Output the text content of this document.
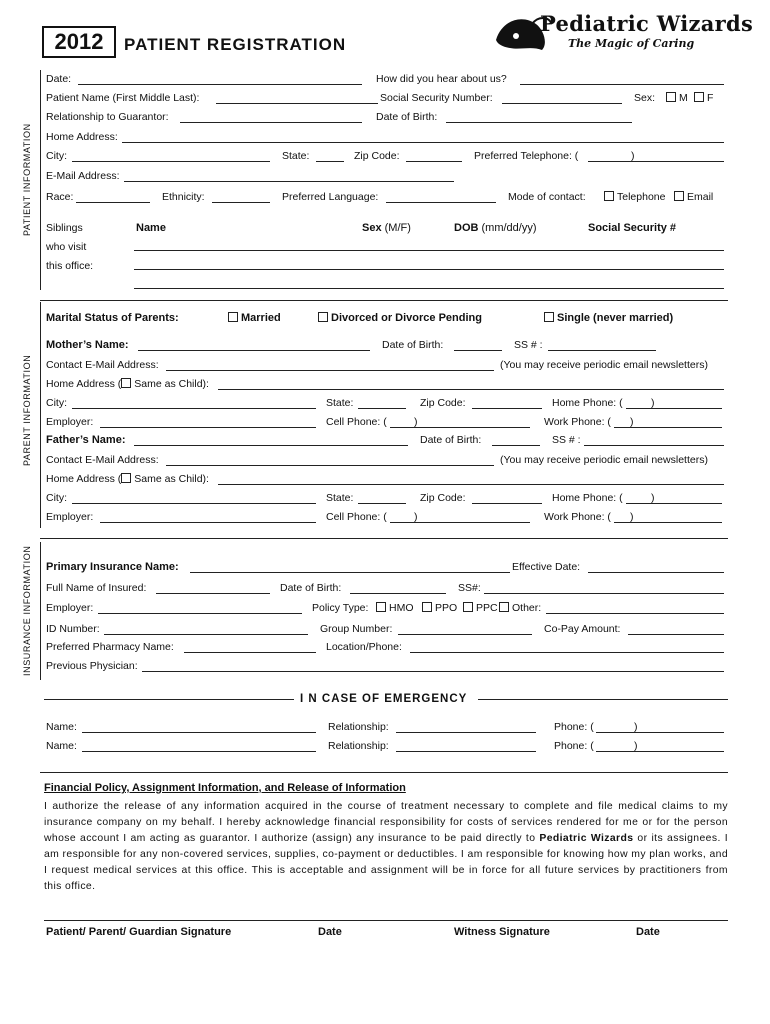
2012	PATIENT REGISTRATION
Pediatric Wizards
The Magic of Caring
PATIENT INFORMATION
PARENT INFORMATION
INSURANCE INFORMATION
Date:	How did you hear about us?
Patient Name (First Middle Last):	Social Security Number:	Sex:	M	F
Relationship to Guarantor:	Date of Birth:
Home Address:
City:	State:	Zip Code:	Preferred Telephone: (	)
E-Mail Address:
Race:	Ethnicity:	Preferred Language:	Mode of contact:	Telephone	Email
Siblings
who visit
this office:
Name	Sex (M/F)	DOB (mm/dd/yy)	Social Security #
Marital Status of Parents:	Married	Divorced or Divorce Pending	Single (never married)
Mother’s Name:	Date of Birth:	SS # :
Contact E-Mail Address:	(You may receive periodic email newsletters)
Home Address ( Same as Child):
City:	State:	Zip Code:	Home Phone: (	)
Employer:	Cell Phone: (	)	Work Phone: ( )
Father’s Name:	Date of Birth:	SS # :
Contact E-Mail Address:	(You may receive periodic email newsletters)
Home Address ( Same as Child):
City:	State:	Zip Code:	Home Phone: (	)
Employer:	Cell Phone: (	)	Work Phone: ( )
Primary Insurance Name:	Effective Date:
Full Name of Insured:	Date of Birth:	SS#:
Employer:	Policy Type:	HMO	PPO	PPC	Other:
ID Number:	Group Number:	Co-Pay Amount:
Preferred Pharmacy Name:	Location/Phone:
Previous Physician:
I N CASE OF EMERGENCY
Name:	Relationship:	Phone: (	)
Name:	Relationship:	Phone: (	)
Financial Policy, Assignment Information, and Release of Information
I authorize the release of any information acquired in the course of treatment necessary to complete and file medical claims to my insurance company on my behalf. I hereby acknowledge financial responsibility for costs of services rendered for me or for the person whose account I am acting as guarantor. I authorize (assign) any insurance to be paid directly to Pediatric Wizards or its assignees. I am responsible for any non-covered services, supplies, co-payment or deductibles. I am responsible for knowing how my plan works, and I request medical services at this office. This is acceptable and assignment will be in force for all future services by practitioners from this office.
Patient/ Parent/ Guardian Signature	Date	Witness Signature	Date
